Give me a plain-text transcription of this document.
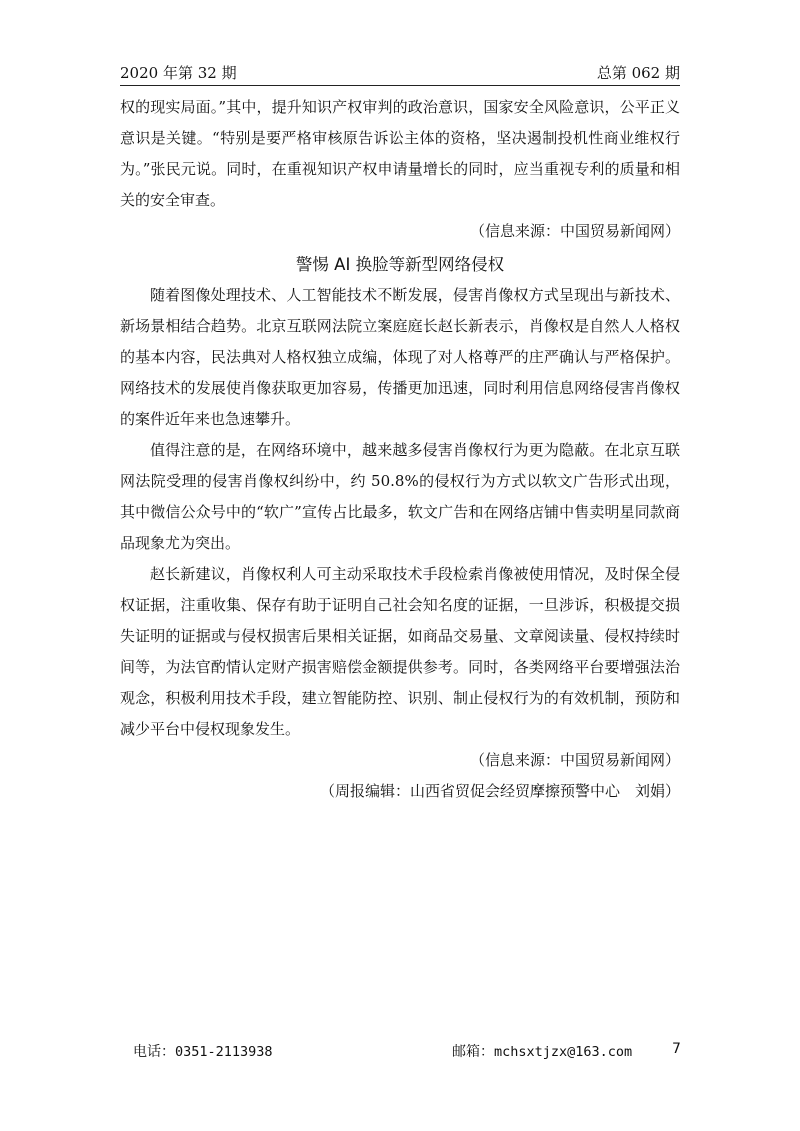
2020 年第 32 期	总第 062 期

权的现实局面。”其中，提升知识产权审判的政治意识，国家安全风险意识，公平正义意识是关键。“特别是要严格审核原告诉讼主体的资格，坚决遏制投机性商业维权行为。”张民元说。同时，在重视知识产权申请量增长的同时，应当重视专利的质量和相关的安全审查。

（信息来源：中国贸易新闻网）

警惕 AI 换脸等新型网络侵权

随着图像处理技术、人工智能技术不断发展，侵害肖像权方式呈现出与新技术、新场景相结合趋势。北京互联网法院立案庭庭长赵长新表示，肖像权是自然人人格权的基本内容，民法典对人格权独立成编，体现了对人格尊严的庄严确认与严格保护。网络技术的发展使肖像获取更加容易，传播更加迅速，同时利用信息网络侵害肖像权的案件近年来也急速攀升。

值得注意的是，在网络环境中，越来越多侵害肖像权行为更为隐蔽。在北京互联网法院受理的侵害肖像权纠纷中，约 50.8%的侵权行为方式以软文广告形式出现，其中微信公众号中的“软广”宣传占比最多，软文广告和在网络店铺中售卖明星同款商品现象尤为突出。

赵长新建议，肖像权利人可主动采取技术手段检索肖像被使用情况，及时保全侵权证据，注重收集、保存有助于证明自己社会知名度的证据，一旦涉诉，积极提交损失证明的证据或与侵权损害后果相关证据，如商品交易量、文章阅读量、侵权持续时间等，为法官酌情认定财产损害赔偿金额提供参考。同时，各类网络平台要增强法治观念，积极利用技术手段，建立智能防控、识别、制止侵权行为的有效机制，预防和减少平台中侵权现象发生。

（信息来源：中国贸易新闻网）

（周报编辑：山西省贸促会经贸摩擦预警中心　刘娟）

电话：0351-2113938	邮箱：mchsxtjzx@163.com	7
